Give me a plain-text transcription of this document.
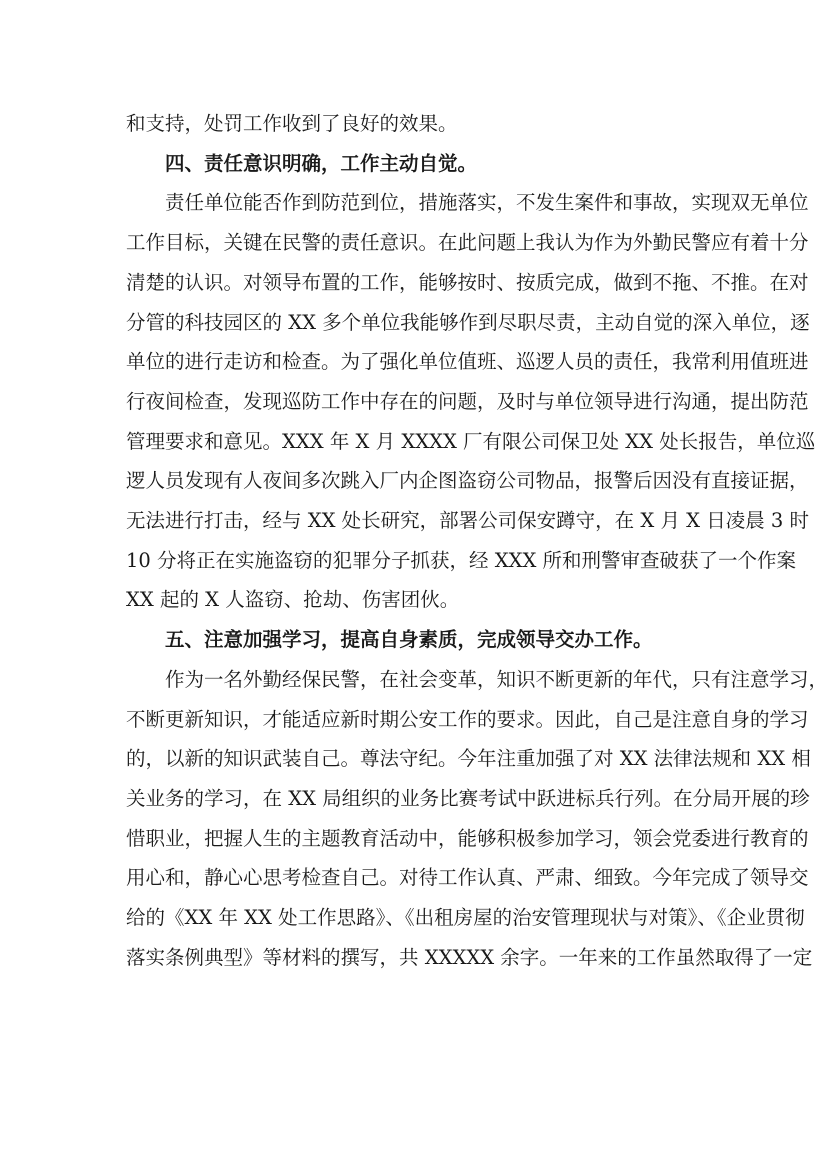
和支持，处罚工作收到了良好的效果。
四、责任意识明确，工作主动自觉。
责任单位能否作到防范到位，措施落实，不发生案件和事故，实现双无单位
工作目标，关键在民警的责任意识。在此问题上我认为作为外勤民警应有着十分
清楚的认识。对领导布置的工作，能够按时、按质完成，做到不拖、不推。在对
分管的科技园区的 XX 多个单位我能够作到尽职尽责，主动自觉的深入单位，逐
单位的进行走访和检查。为了强化单位值班、巡逻人员的责任，我常利用值班进
行夜间检查，发现巡防工作中存在的问题，及时与单位领导进行沟通，提出防范
管理要求和意见。XXX 年 X 月 XXXX 厂有限公司保卫处 XX 处长报告，单位巡
逻人员发现有人夜间多次跳入厂内企图盗窃公司物品，报警后因没有直接证据，
无法进行打击，经与 XX 处长研究，部署公司保安蹲守，在 X 月 X 日凌晨 3 时
10 分将正在实施盗窃的犯罪分子抓获，经 XXX 所和刑警审查破获了一个作案
XX 起的 X 人盗窃、抢劫、伤害团伙。
五、注意加强学习，提高自身素质，完成领导交办工作。
作为一名外勤经保民警，在社会变革，知识不断更新的年代，只有注意学习，
不断更新知识，才能适应新时期公安工作的要求。因此，自己是注意自身的学习
的，以新的知识武装自己。尊法守纪。今年注重加强了对 XX 法律法规和 XX 相
关业务的学习，在 XX 局组织的业务比赛考试中跃进标兵行列。在分局开展的珍
惜职业，把握人生的主题教育活动中，能够积极参加学习，领会党委进行教育的
用心和，静心心思考检查自己。对待工作认真、严肃、细致。今年完成了领导交
给的《XX 年 XX 处工作思路》、《出租房屋的治安管理现状与对策》、《企业贯彻
落实条例典型》等材料的撰写，共 XXXXX 余字。一年来的工作虽然取得了一定
